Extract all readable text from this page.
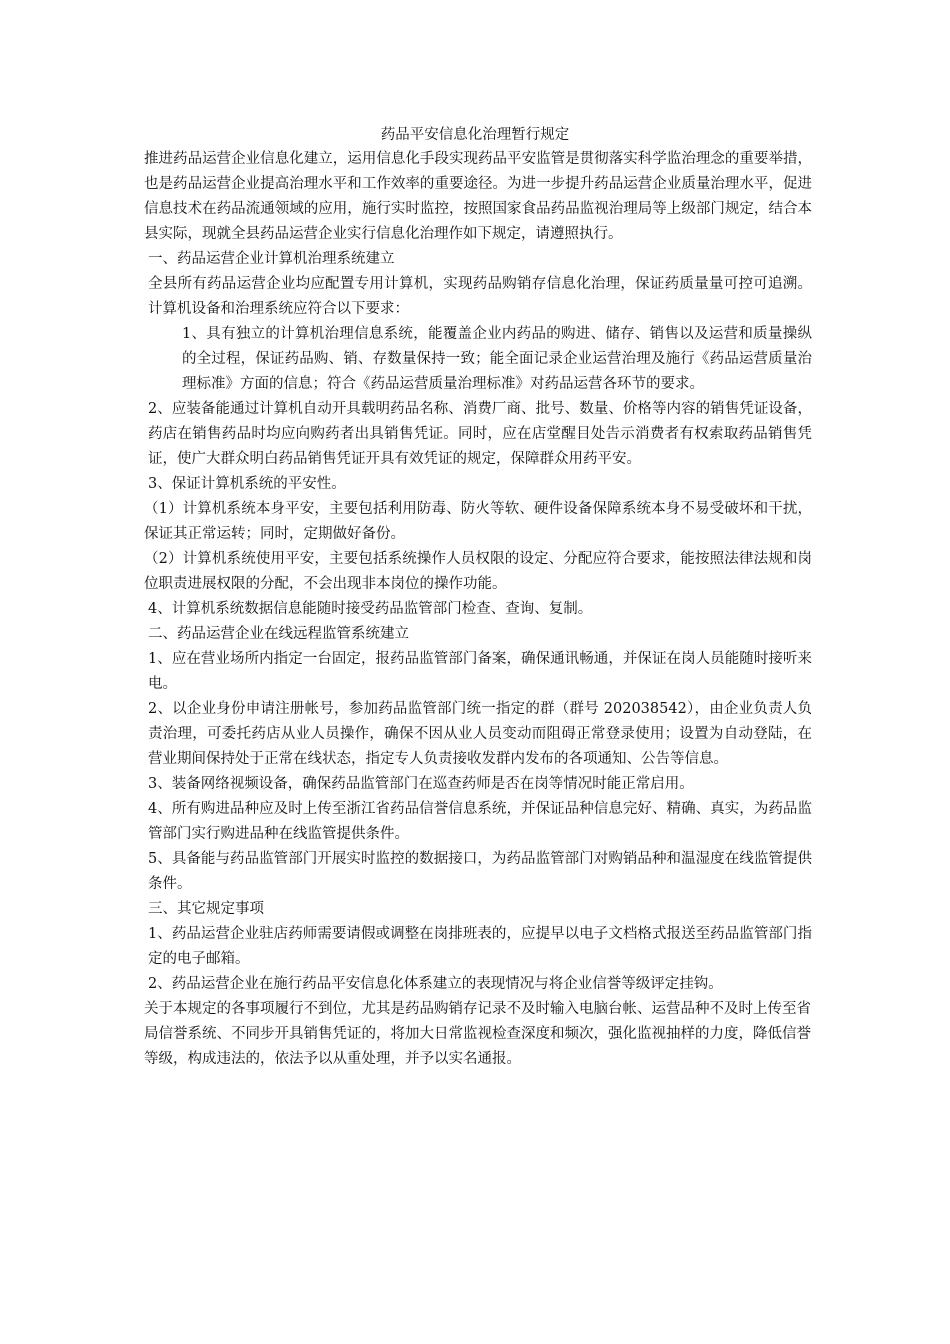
药品平安信息化治理暂行规定

推进药品运营企业信息化建立，运用信息化手段实现药品平安监管是贯彻落实科学监治理念的重要举措，也是药品运营企业提高治理水平和工作效率的重要途径。为进一步提升药品运营企业质量治理水平，促进信息技术在药品流通领域的应用，施行实时监控，按照国家食品药品监视治理局等上级部门规定，结合本县实际，现就全县药品运营企业实行信息化治理作如下规定，请遵照执行。

一、药品运营企业计算机治理系统建立

全县所有药品运营企业均应配置专用计算机，实现药品购销存信息化治理，保证药质量量可控可追溯。计算机设备和治理系统应符合以下要求：

1、具有独立的计算机治理信息系统，能覆盖企业内药品的购进、储存、销售以及运营和质量操纵的全过程，保证药品购、销、存数量保持一致；能全面记录企业运营治理及施行《药品运营质量治理标准》方面的信息；符合《药品运营质量治理标准》对药品运营各环节的要求。

2、应装备能通过计算机自动开具载明药品名称、消费厂商、批号、数量、价格等内容的销售凭证设备，药店在销售药品时均应向购药者出具销售凭证。同时，应在店堂醒目处告示消费者有权索取药品销售凭证，使广大群众明白药品销售凭证开具有效凭证的规定，保障群众用药平安。

3、保证计算机系统的平安性。

（1）计算机系统本身平安，主要包括利用防毒、防火等软、硬件设备保障系统本身不易受破坏和干扰，保证其正常运转；同时，定期做好备份。

（2）计算机系统使用平安，主要包括系统操作人员权限的设定、分配应符合要求，能按照法律法规和岗位职责进展权限的分配，不会出现非本岗位的操作功能。

4、计算机系统数据信息能随时接受药品监管部门检查、查询、复制。

二、药品运营企业在线远程监管系统建立

1、应在营业场所内指定一台固定，报药品监管部门备案，确保通讯畅通，并保证在岗人员能随时接听来电。

2、以企业身份申请注册帐号，参加药品监管部门统一指定的群（群号 202038542），由企业负责人负责治理，可委托药店从业人员操作，确保不因从业人员变动而阻碍正常登录使用；设置为自动登陆，在营业期间保持处于正常在线状态，指定专人负责接收发群内发布的各项通知、公告等信息。

3、装备网络视频设备，确保药品监管部门在巡查药师是否在岗等情况时能正常启用。

4、所有购进品种应及时上传至浙江省药品信誉信息系统，并保证品种信息完好、精确、真实，为药品监管部门实行购进品种在线监管提供条件。

5、具备能与药品监管部门开展实时监控的数据接口，为药品监管部门对购销品种和温湿度在线监管提供条件。

三、其它规定事项

1、药品运营企业驻店药师需要请假或调整在岗排班表的，应提早以电子文档格式报送至药品监管部门指定的电子邮箱。

2、药品运营企业在施行药品平安信息化体系建立的表现情况与将企业信誉等级评定挂钩。

关于本规定的各事项履行不到位，尤其是药品购销存记录不及时输入电脑台帐、运营品种不及时上传至省局信誉系统、不同步开具销售凭证的，将加大日常监视检查深度和频次，强化监视抽样的力度，降低信誉等级，构成违法的，依法予以从重处理，并予以实名通报。
